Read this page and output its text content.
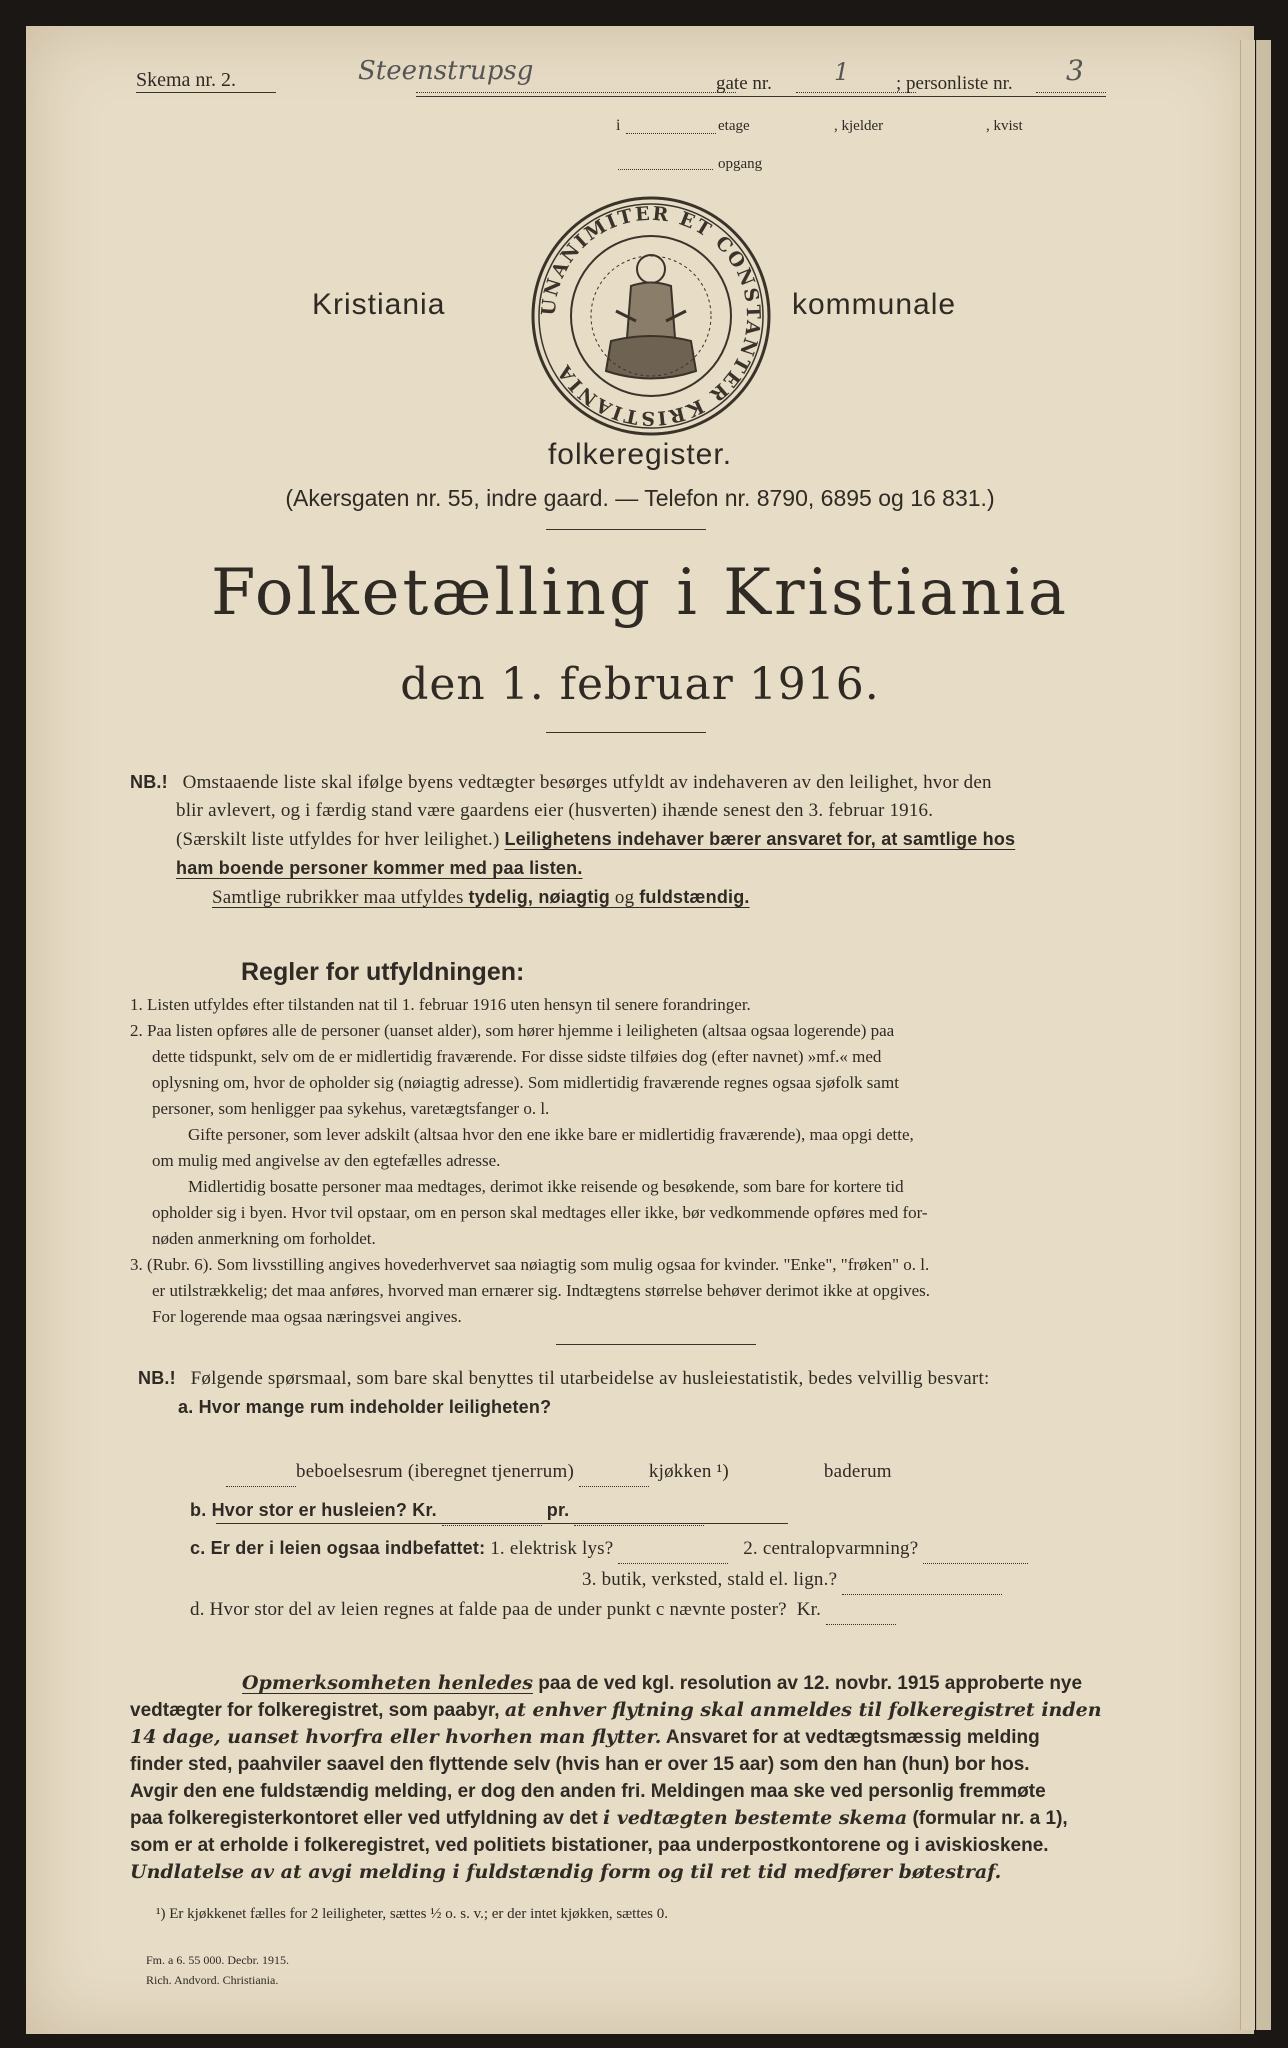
Skema nr. 2.	Steenstrupsg	gate nr.	1 ; personliste nr. 3
i	etage	, kjelder	, kvist
opgang
Kristiania	UNANIMITER ET CONSTANTER KRISTIANIA
kommunale
folkeregister.
(Akersgaten nr. 55, indre gaard. — Telefon nr. 8790, 6895 og 16 831.)
Folketælling i Kristiania
den 1. februar 1916.
NB.! Omstaaende liste skal ifølge byens vedtægter besørges utfyldt av indehaveren av den leilighet, hvor den
blir avlevert, og i færdig stand være gaardens eier (husverten) ihænde senest den 3. februar 1916.
(Særskilt liste utfyldes for hver leilighet.) Leilighetens indehaver bærer ansvaret for, at samtlige hos
ham boende personer kommer med paa listen.
Samtlige rubrikker maa utfyldes tydelig, nøiagtig og fuldstændig.
Regler for utfyldningen:
1. Listen utfyldes efter tilstanden nat til 1. februar 1916 uten hensyn til senere forandringer.
2. Paa listen opføres alle de personer (uanset alder), som hører hjemme i leiligheten (altsaa ogsaa logerende) paa
dette tidspunkt, selv om de er midlertidig fraværende. For disse sidste tilføies dog (efter navnet) »mf.« med
oplysning om, hvor de opholder sig (nøiagtig adresse). Som midlertidig fraværende regnes ogsaa sjøfolk samt
personer, som henligger paa sykehus, varetægtsfanger o. l.
Gifte personer, som lever adskilt (altsaa hvor den ene ikke bare er midlertidig fraværende), maa opgi dette,
om mulig med angivelse av den egtefælles adresse.
Midlertidig bosatte personer maa medtages, derimot ikke reisende og besøkende, som bare for kortere tid
opholder sig i byen. Hvor tvil opstaar, om en person skal medtages eller ikke, bør vedkommende opføres med for-
nøden anmerkning om forholdet.
3. (Rubr. 6). Som livsstilling angives hovederhvervet saa nøiagtig som mulig ogsaa for kvinder. "Enke", "frøken" o. l.
er utilstrækkelig; det maa anføres, hvorved man ernærer sig. Indtægtens størrelse behøver derimot ikke at opgives.
For logerende maa ogsaa næringsvei angives.
NB.! Følgende spørsmaal, som bare skal benyttes til utarbeidelse av husleiestatistik, bedes velvillig besvart:
a. Hvor mange rum indeholder leiligheten?
beboelsesrum (iberegnet tjenerrum)	kjøkken ¹)	baderum
b. Hvor stor er husleien? Kr.	pr.
c. Er der i leien ogsaa indbefattet: 1. elektrisk lys?	2. centralopvarmning?
3. butik, verksted, stald el. lign.?
d. Hvor stor del av leien regnes at falde paa de under punkt c nævnte poster? Kr.
Opmerksomheten henledes paa de ved kgl. resolution av 12. novbr. 1915 approberte nye
vedtægter for folkeregistret, som paabyr, at enhver flytning skal anmeldes til folkeregistret inden
14 dage, uanset hvorfra eller hvorhen man flytter. Ansvaret for at vedtægtsmæssig melding
finder sted, paahviler saavel den flyttende selv (hvis han er over 15 aar) som den han (hun) bor hos.
Avgir den ene fuldstændig melding, er dog den anden fri. Meldingen maa ske ved personlig fremmøte
paa folkeregisterkontoret eller ved utfyldning av det i vedtægten bestemte skema (formular nr. a 1),
som er at erholde i folkeregistret, ved politiets bistationer, paa underpostkontorene og i aviskioskene.
Undlatelse av at avgi melding i fuldstændig form og til ret tid medfører bøtestraf.
¹) Er kjøkkenet fælles for 2 leiligheter, sættes ½ o. s. v.; er der intet kjøkken, sættes 0.
Fm. a 6. 55 000. Decbr. 1915.
Rich. Andvord. Christiania.
